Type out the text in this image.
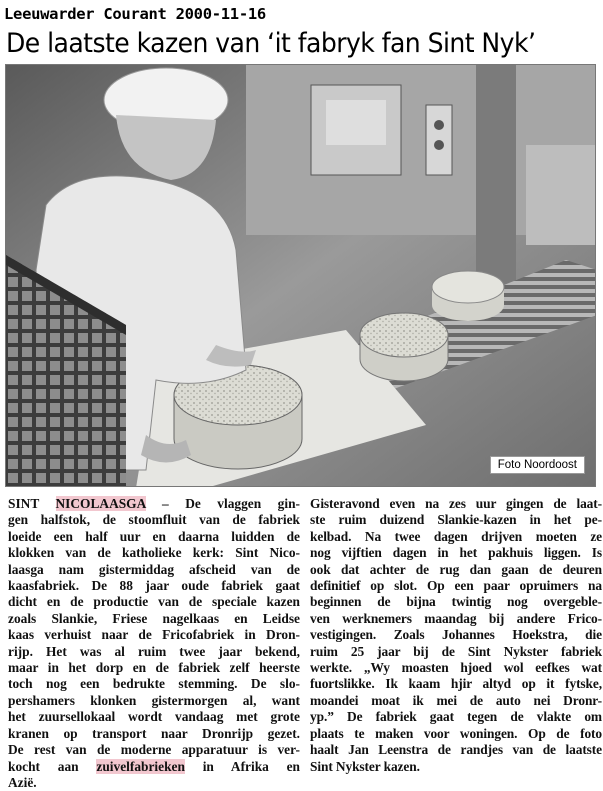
Leeuwarder Courant 2000-11-16
De laatste kazen van ‘it fabryk fan Sint Nyk’
Foto Noordoost
SINT NICOLAASGA – De vlaggen gin-
gen halfstok, de stoomfluit van de fabriek
loeide een half uur en daarna luidden de
klokken van de katholieke kerk: Sint Nico-
laasga nam gistermiddag afscheid van de
kaasfabriek. De 88 jaar oude fabriek gaat
dicht en de productie van de speciale kazen
zoals Slankie, Friese nagelkaas en Leidse
kaas verhuist naar de Fricofabriek in Dron-
rijp. Het was al ruim twee jaar bekend,
maar in het dorp en de fabriek zelf heerste
toch nog een bedrukte stemming. De slo-
pershamers klonken gistermorgen al, want
het zuursellokaal wordt vandaag met grote
kranen op transport naar Dronrijp gezet.
De rest van de moderne apparatuur is ver-
kocht aan zuivelfabrieken in Afrika en
Azië.
Gisteravond even na zes uur gingen de laat-
ste ruim duizend Slankie-kazen in het pe-
kelbad. Na twee dagen drijven moeten ze
nog vijftien dagen in het pakhuis liggen. Is
ook dat achter de rug dan gaan de deuren
definitief op slot. Op een paar opruimers na
beginnen de bijna twintig nog overgeble-
ven werknemers maandag bij andere Frico-
vestigingen. Zoals Johannes Hoekstra, die
ruim 25 jaar bij de Sint Nykster fabriek
werkte. „Wy moasten hjoed wol eefkes wat
fuortslikke. Ik kaam hjir altyd op it fytske,
moandei moat ik mei de auto nei Dronr-
yp.” De fabriek gaat tegen de vlakte om
plaats te maken voor woningen. Op de foto
haalt Jan Leenstra de randjes van de laatste
Sint Nykster kazen.
